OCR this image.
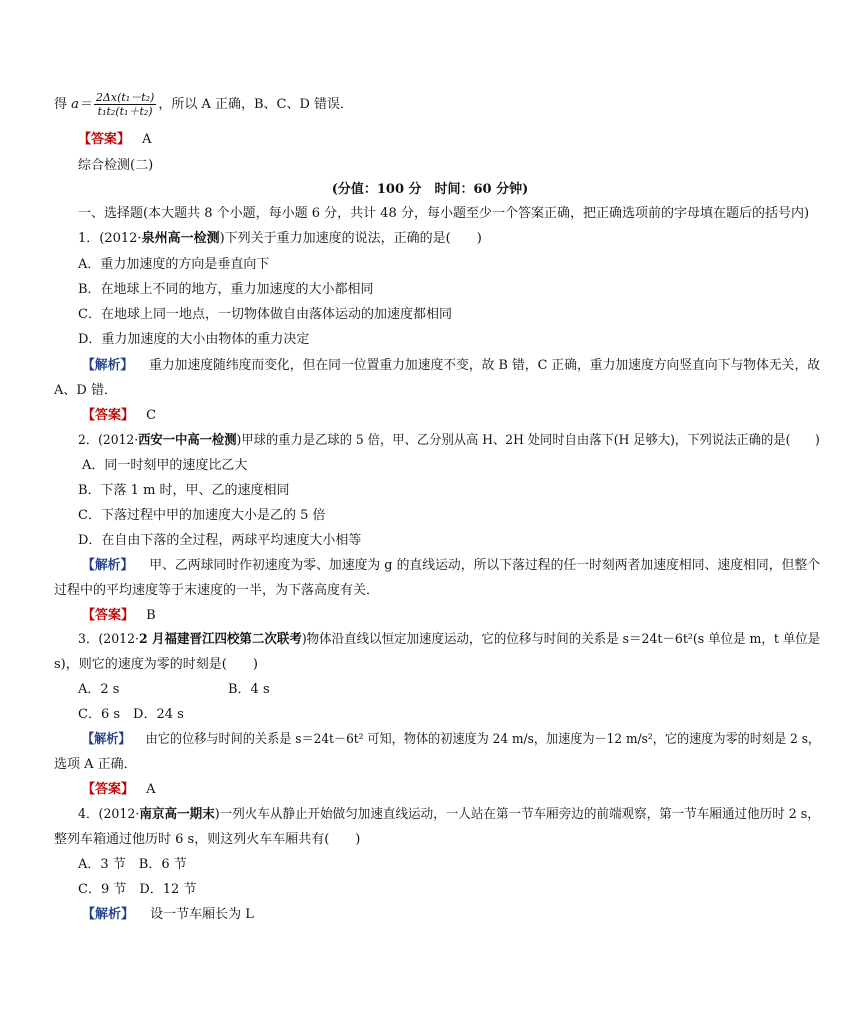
得 $a= \frac{\text{2Δx(t₁－t₂)}}{\text{t₁t₂(t₁＋t₂)}}$ ，所以 A 正确，B、C、D 错误．
【答案】 A
综合检测(二)
(分值：100 分　时间：60 分钟)
一、选择题(本大题共 8 个小题，每小题 6 分，共计 48 分，每小题至少一个答案正确，把正确选项前的字母填在题后的括号内)
1．(2012·泉州高一检测)下列关于重力加速度的说法，正确的是(　　)
A．重力加速度的方向是垂直向下
B．在地球上不同的地方，重力加速度的大小都相同
C．在地球上同一地点，一切物体做自由落体运动的加速度都相同
D．重力加速度的大小由物体的重力决定
【解析】 重力加速度随纬度而变化，但在同一位置重力加速度不变，故 B 错，C 正确，重力加速度方向竖直向下与物体无关，故
A、D 错．
【答案】 C
2．(2012·西安一中高一检测)甲球的重力是乙球的 5 倍，甲、乙分别从高 H、2H 处同时自由落下(H 足够大)，下列说法正确的是(　　)
A．同一时刻甲的速度比乙大
B．下落 1 m 时，甲、乙的速度相同
C．下落过程中甲的加速度大小是乙的 5 倍
D．在自由下落的全过程，两球平均速度大小相等
【解析】 甲、乙两球同时作初速度为零、加速度为 g 的直线运动，所以下落过程的任一时刻两者加速度相同、速度相同，但整个
过程中的平均速度等于末速度的一半，为下落高度有关．
【答案】 B
3．(2012·2 月福建晋江四校第二次联考)物体沿直线以恒定加速度运动，它的位移与时间的关系是 s＝24t－6t²(s 单位是 m，t 单位是
s)，则它的速度为零的时刻是(　　)
A．2 s	B．4 s
C．6 s　D．24 s
【解析】 由它的位移与时间的关系是 s＝24t－6t² 可知，物体的初速度为 24 m/s，加速度为－12 m/s²，它的速度为零的时刻是 2 s，
选项 A 正确．
【答案】 A
4．(2012·南京高一期末)一列火车从静止开始做匀加速直线运动，一人站在第一节车厢旁边的前端观察，第一节车厢通过他历时 2 s，
整列车箱通过他历时 6 s，则这列火车车厢共有(　　)
A．3 节　B．6 节
C．9 节　D．12 节
【解析】 设一节车厢长为 L
